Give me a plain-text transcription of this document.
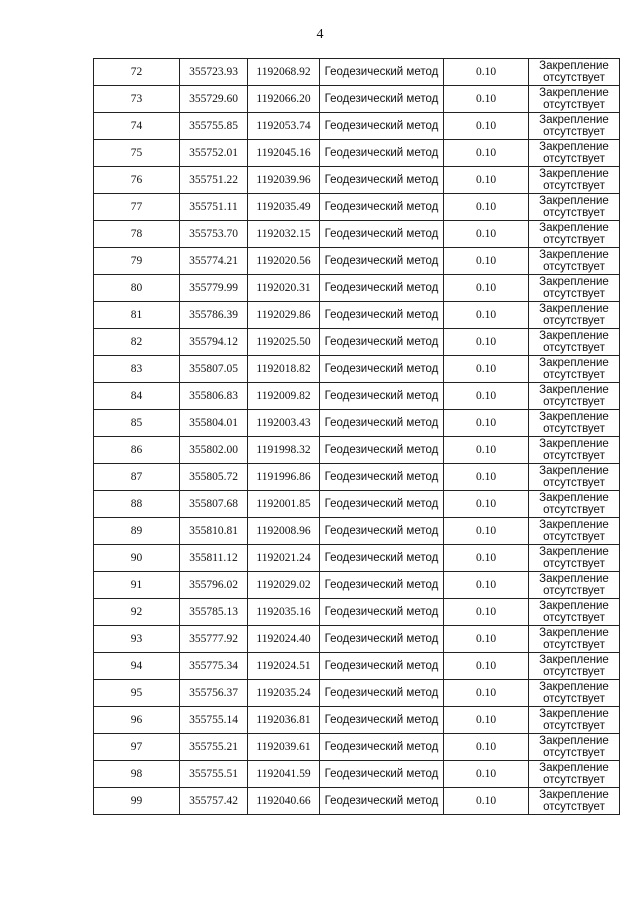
4
72	355723.93	1192068.92	Геодезический метод	0.10	Закрепление
отсутствует

73	355729.60	1192066.20	Геодезический метод	0.10	Закрепление
отсутствует

74	355755.85	1192053.74	Геодезический метод	0.10	Закрепление
отсутствует

75	355752.01	1192045.16	Геодезический метод	0.10	Закрепление
отсутствует

76	355751.22	1192039.96	Геодезический метод	0.10	Закрепление
отсутствует

77	355751.11	1192035.49	Геодезический метод	0.10	Закрепление
отсутствует

78	355753.70	1192032.15	Геодезический метод	0.10	Закрепление
отсутствует

79	355774.21	1192020.56	Геодезический метод	0.10	Закрепление
отсутствует

80	355779.99	1192020.31	Геодезический метод	0.10	Закрепление
отсутствует

81	355786.39	1192029.86	Геодезический метод	0.10	Закрепление
отсутствует

82	355794.12	1192025.50	Геодезический метод	0.10	Закрепление
отсутствует

83	355807.05	1192018.82	Геодезический метод	0.10	Закрепление
отсутствует

84	355806.83	1192009.82	Геодезический метод	0.10	Закрепление
отсутствует

85	355804.01	1192003.43	Геодезический метод	0.10	Закрепление
отсутствует

86	355802.00	1191998.32	Геодезический метод	0.10	Закрепление
отсутствует

87	355805.72	1191996.86	Геодезический метод	0.10	Закрепление
отсутствует

88	355807.68	1192001.85	Геодезический метод	0.10	Закрепление
отсутствует

89	355810.81	1192008.96	Геодезический метод	0.10	Закрепление
отсутствует

90	355811.12	1192021.24	Геодезический метод	0.10	Закрепление
отсутствует

91	355796.02	1192029.02	Геодезический метод	0.10	Закрепление
отсутствует

92	355785.13	1192035.16	Геодезический метод	0.10	Закрепление
отсутствует

93	355777.92	1192024.40	Геодезический метод	0.10	Закрепление
отсутствует

94	355775.34	1192024.51	Геодезический метод	0.10	Закрепление
отсутствует

95	355756.37	1192035.24	Геодезический метод	0.10	Закрепление
отсутствует

96	355755.14	1192036.81	Геодезический метод	0.10	Закрепление
отсутствует

97	355755.21	1192039.61	Геодезический метод	0.10	Закрепление
отсутствует

98	355755.51	1192041.59	Геодезический метод	0.10	Закрепление
отсутствует

99	355757.42	1192040.66	Геодезический метод	0.10	Закрепление
отсутствует
